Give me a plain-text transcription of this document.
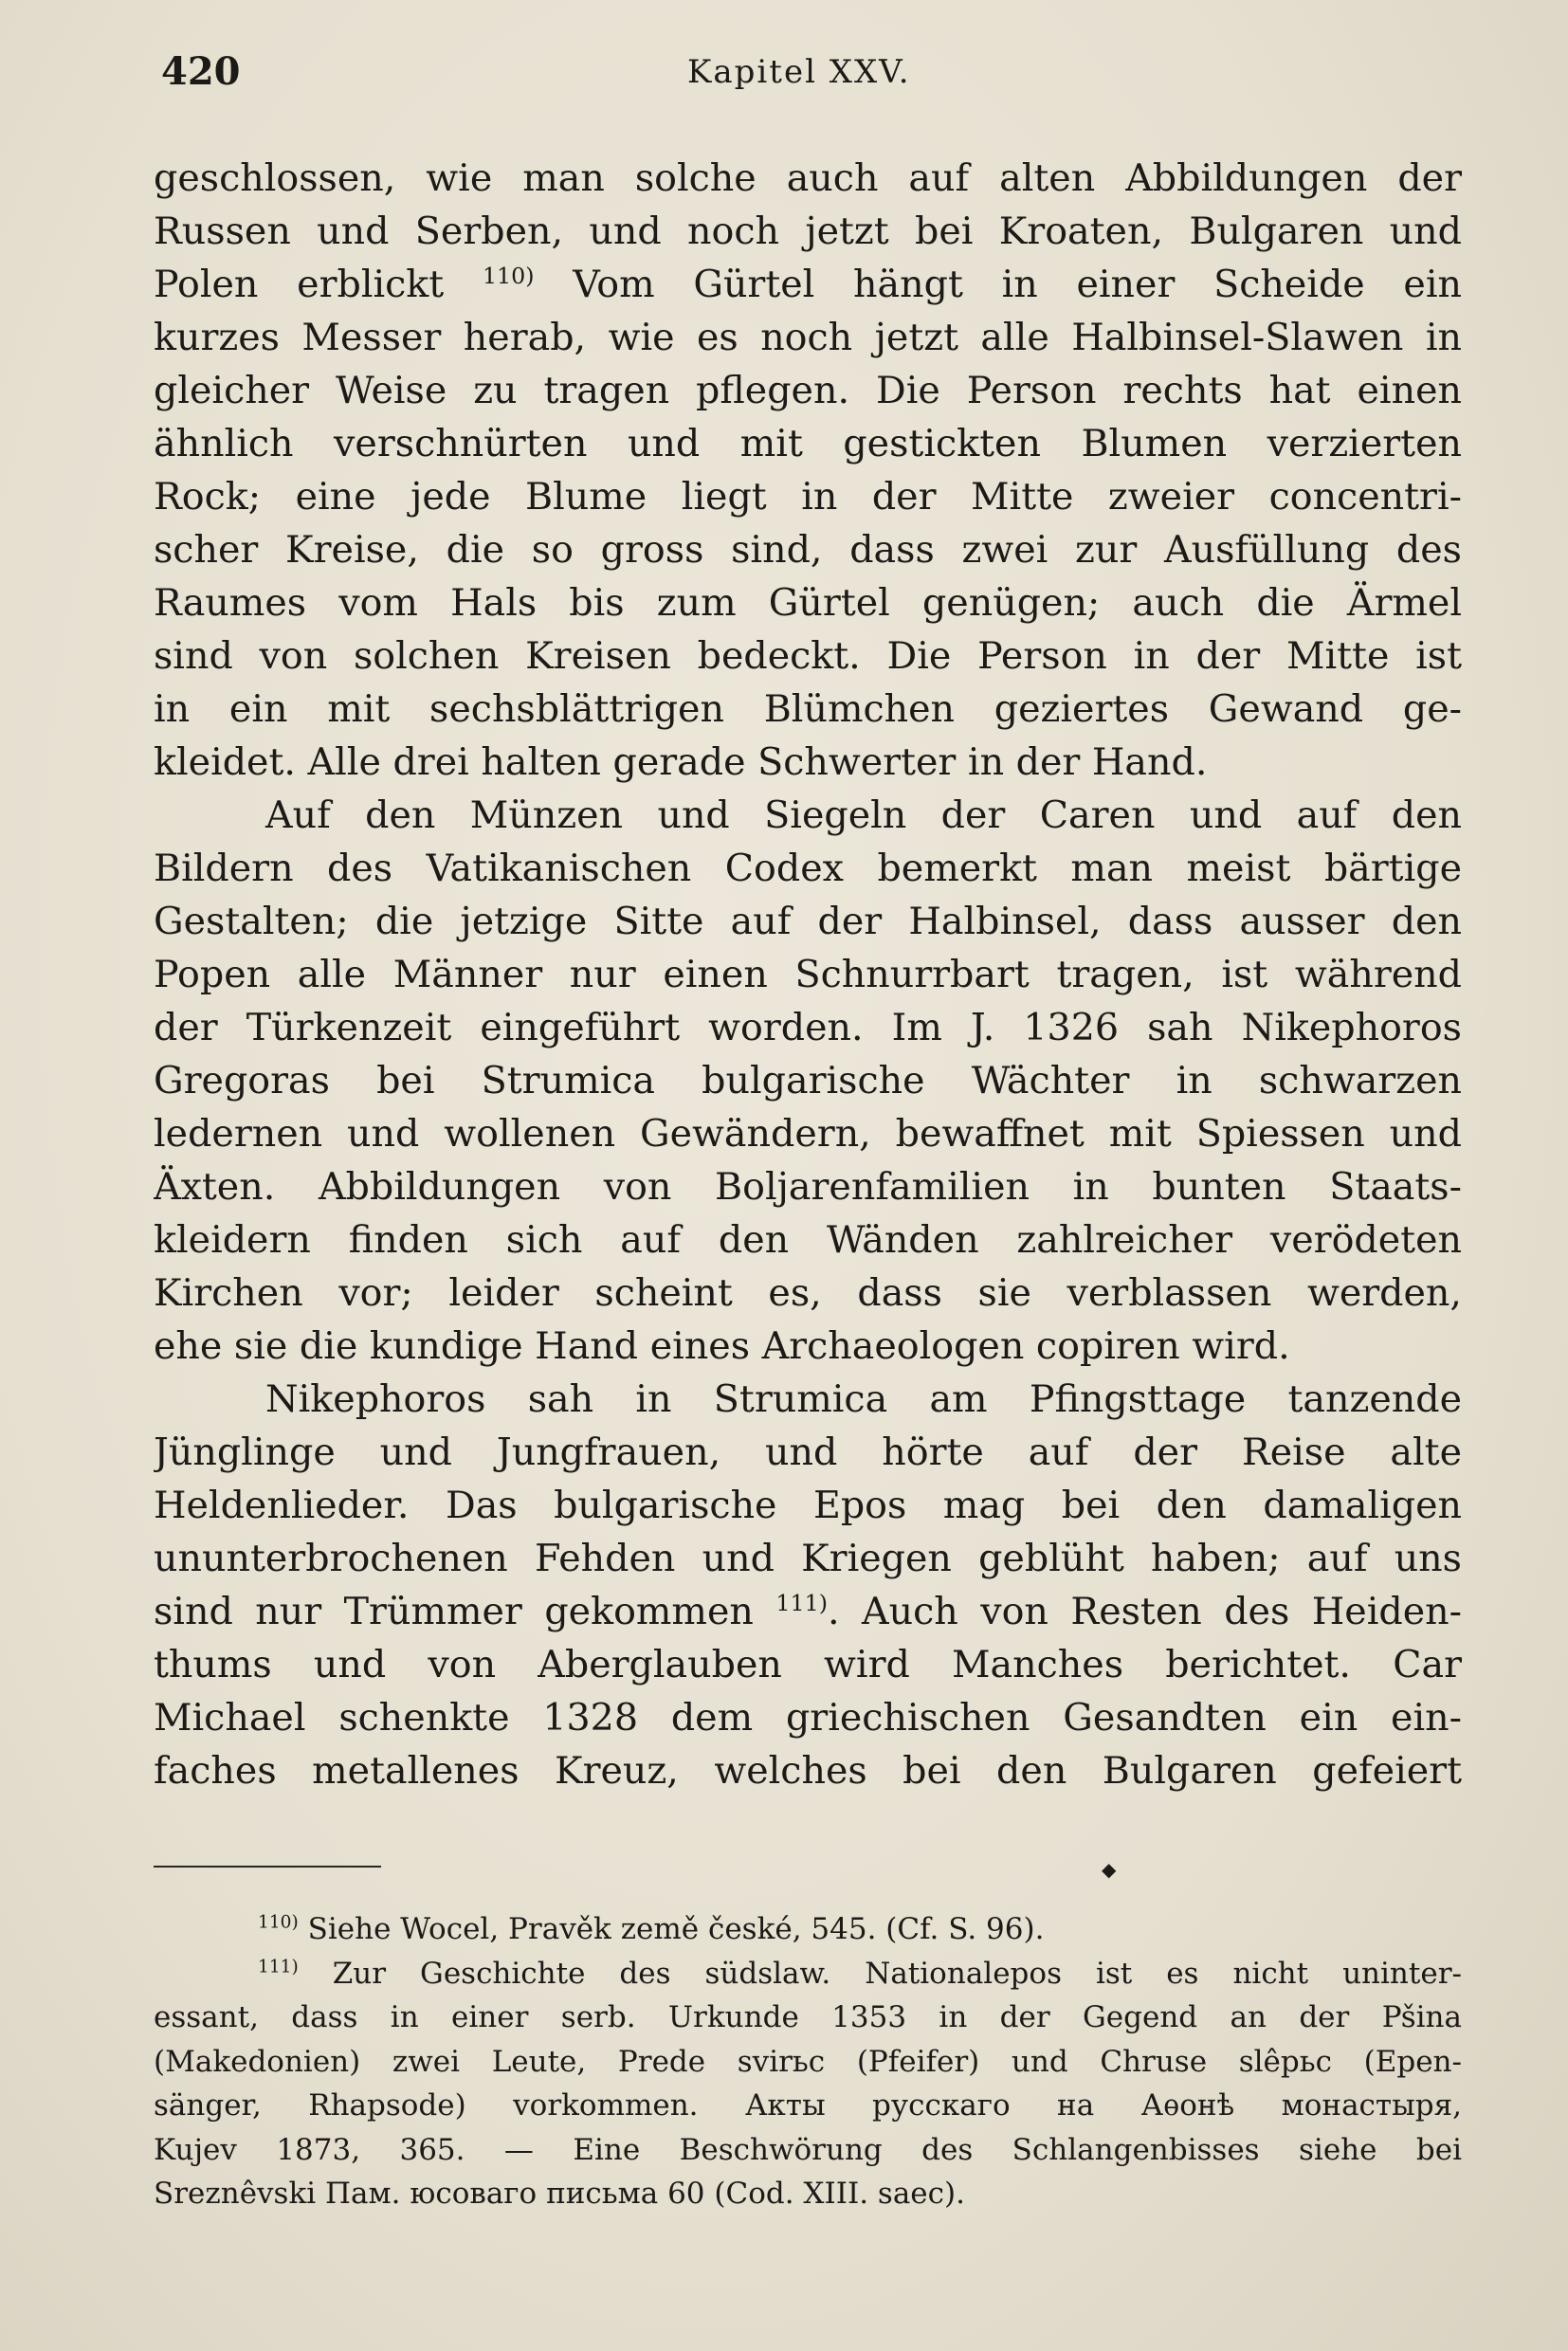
420	Kapitel XXV.
geschlossen, wie man solche auch auf alten Abbildungen der
Russen und Serben, und noch jetzt bei Kroaten, Bulgaren und
Polen erblickt $^{110)}$ Vom Gürtel hängt in einer Scheide ein
kurzes Messer herab, wie es noch jetzt alle Halbinsel-Slawen in
gleicher Weise zu tragen pflegen. Die Person rechts hat einen
ähnlich verschnürten und mit gestickten Blumen verzierten
Rock; eine jede Blume liegt in der Mitte zweier concentri-
scher Kreise, die so gross sind, dass zwei zur Ausfüllung des
Raumes vom Hals bis zum Gürtel genügen; auch die Ärmel
sind von solchen Kreisen bedeckt. Die Person in der Mitte ist
in ein mit sechsblättrigen Blümchen geziertes Gewand ge-
kleidet. Alle drei halten gerade Schwerter in der Hand.
Auf den Münzen und Siegeln der Caren und auf den
Bildern des Vatikanischen Codex bemerkt man meist bärtige
Gestalten; die jetzige Sitte auf der Halbinsel, dass ausser den
Popen alle Männer nur einen Schnurrbart tragen, ist während
der Türkenzeit eingeführt worden. Im J. 1326 sah Nikephoros
Gregoras bei Strumica bulgarische Wächter in schwarzen
ledernen und wollenen Gewändern, bewaffnet mit Spiessen und
Äxten. Abbildungen von Boljarenfamilien in bunten Staats-
kleidern finden sich auf den Wänden zahlreicher verödeten
Kirchen vor; leider scheint es, dass sie verblassen werden,
ehe sie die kundige Hand eines Archaeologen copiren wird.
Nikephoros sah in Strumica am Pfingsttage tanzende
Jünglinge und Jungfrauen, und hörte auf der Reise alte
Heldenlieder. Das bulgarische Epos mag bei den damaligen
ununterbrochenen Fehden und Kriegen geblüht haben; auf uns
sind nur Trümmer gekommen $^{111)}$. Auch von Resten des Heiden-
thums und von Aberglauben wird Manches berichtet. Car
Michael schenkte 1328 dem griechischen Gesandten ein ein-
faches metallenes Kreuz, welches bei den Bulgaren gefeiert
◆
$^{110)}$ Siehe Wocel, Pravěk země české, 545. (Cf. S. 96).
$^{111)}$ Zur Geschichte des südslaw. Nationalepos ist es nicht uninter-
essant, dass in einer serb. Urkunde 1353 in der Gegend an der Pšina
(Makedonien) zwei Leute, Prede svirьc (Pfeifer) und Chruse slêpьc (Epen-
sänger, Rhapsode) vorkommen. Акты русскаго на Аѳонѣ монастыря,
Kujev 1873, 365. — Eine Beschwörung des Schlangenbisses siehe bei
Sreznêvski Пам. юсоваго письма 60 (Cod. XIII. saec).
